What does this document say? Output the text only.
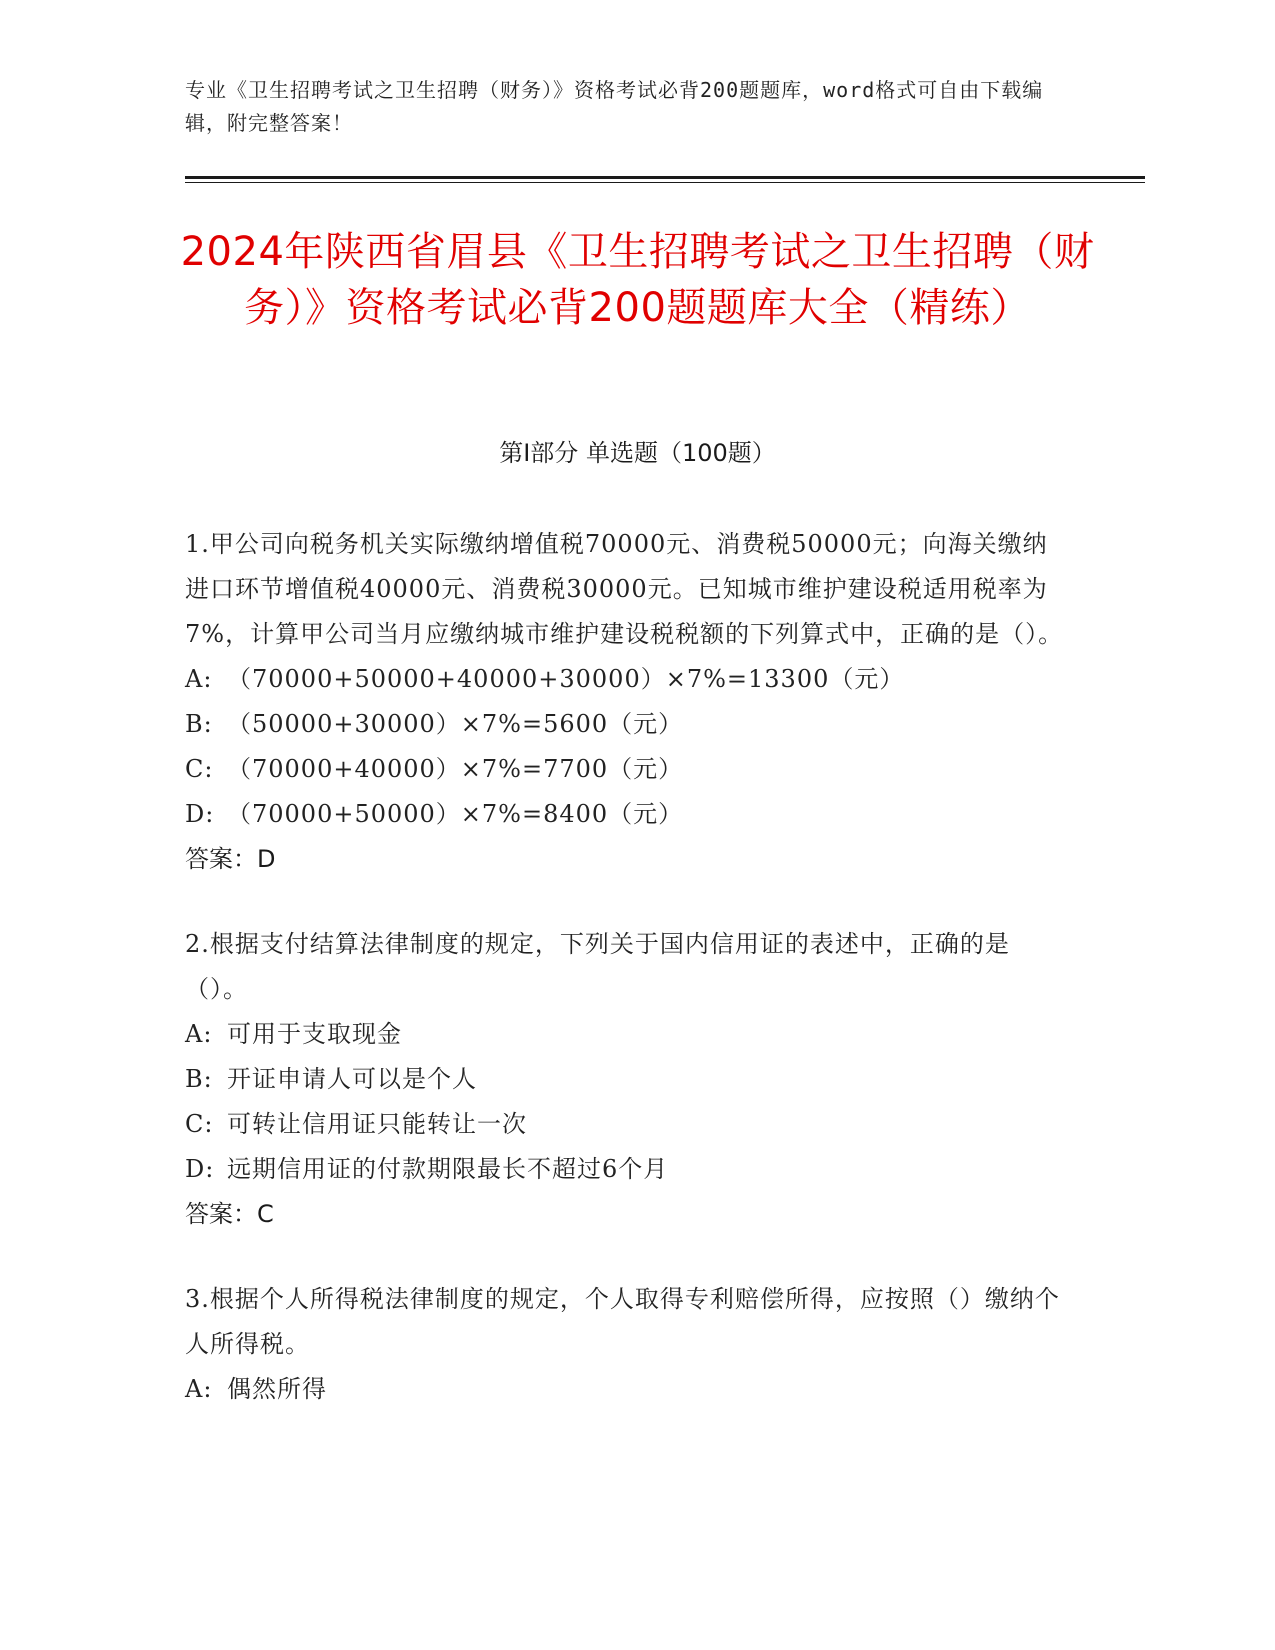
专业《卫生招聘考试之卫生招聘（财务）》资格考试必背200题题库，word格式可自由下载编辑，附完整答案！
2024年陕西省眉县《卫生招聘考试之卫生招聘（财务）》资格考试必背200题题库大全（精练）
第I部分 单选题（100题）
1.甲公司向税务机关实际缴纳增值税70000元、消费税50000元；向海关缴纳进口环节增值税40000元、消费税30000元。已知城市维护建设税适用税率为7%，计算甲公司当月应缴纳城市维护建设税税额的下列算式中，正确的是（）。
A: （70000+50000+40000+30000）×7%=13300（元）
B: （50000+30000）×7%=5600（元）
C: （70000+40000）×7%=7700（元）
D: （70000+50000）×7%=8400（元）
答案：D
2.根据支付结算法律制度的规定，下列关于国内信用证的表述中，正确的是（）。
A: 可用于支取现金
B: 开证申请人可以是个人
C: 可转让信用证只能转让一次
D: 远期信用证的付款期限最长不超过6个月
答案：C
3.根据个人所得税法律制度的规定，个人取得专利赔偿所得，应按照（）缴纳个人所得税。
A: 偶然所得
